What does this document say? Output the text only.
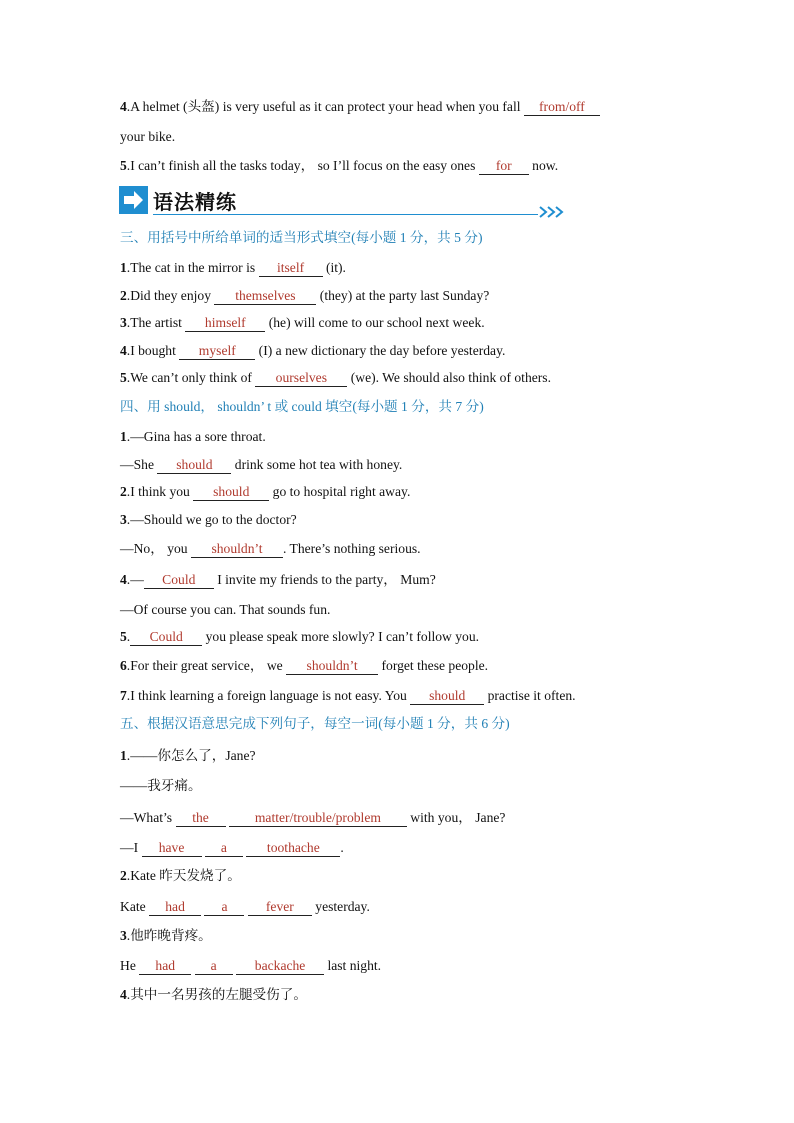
4.A helmet (头盔) is very useful as it can protect your head when you fall from/off
your bike.
5.I can’t finish all the tasks today， so I’ll focus on the easy ones for now.
语法精练
三、用括号中所给单词的适当形式填空(每小题 1 分，共 5 分)
1.The cat in the mirror is itself (it).
2.Did they enjoy themselves (they) at the party last Sunday?
3.The artist himself (he) will come to our school next week.
4.I bought myself (I) a new dictionary the day before yesterday.
5.We can’t only think of ourselves (we). We should also think of others.
四、用 should， shouldn’ t 或 could 填空(每小题 1 分，共 7 分)
1.—Gina has a sore throat.
—She should drink some hot tea with honey.
2.I think you should go to hospital right away.
3.—Should we go to the doctor?
—No， you shouldn’t . There’s nothing serious.
4.— Could I invite my friends to the party， Mum?
—Of course you can. That sounds fun.
5. Could you please speak more slowly? I can’t follow you.
6.For their great service， we shouldn’t forget these people.
7.I think learning a foreign language is not easy. You should practise it often.
五、根据汉语意思完成下列句子，每空一词(每小题 1 分，共 6 分)
1.——你怎么了，Jane?
——我牙痛。
—What’s the	matter/trouble/problem with you， Jane?
—I have	a	toothache .
2.Kate 昨天发烧了。
Kate had	a	fever yesterday.
3.他昨晚背疼。
He had	a	backache last night.
4.其中一名男孩的左腿受伤了。
